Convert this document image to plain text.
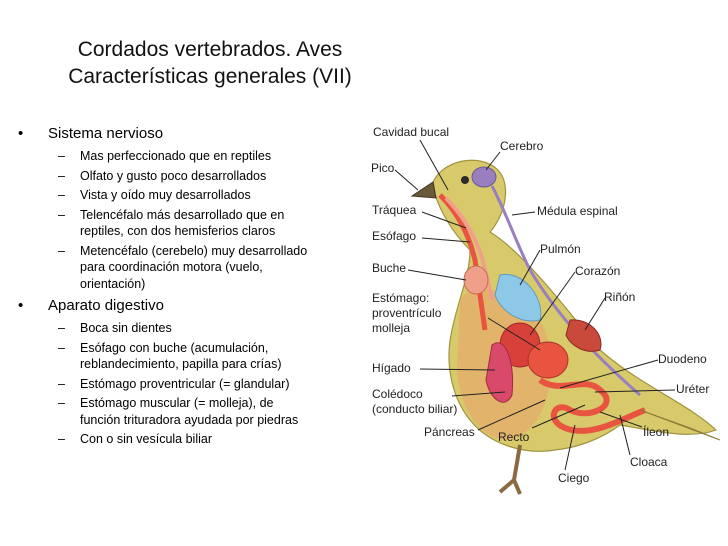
Cordados vertebrados. Aves
Características generales (VII)
• Sistema nervioso
– Mas perfeccionado que en reptiles
– Olfato y gusto poco desarrollados
– Vista y oído muy desarrollados
– Telencéfalo más desarrollado que en
reptiles, con dos hemisferios claros
– Metencéfalo (cerebelo) muy desarrollado
para coordinación motora (vuelo,
orientación)
• Aparato digestivo
– Boca sin dientes
– Esófago con buche (acumulación,
reblandecimiento, papilla para crías)
– Estómago proventricular (= glandular)
– Estómago muscular (= molleja), de
función trituradora ayudada por piedras
– Con o sin vesícula biliar
Cavidad bucal
Cerebro
Pico
Tráquea	Médula espinal
Esófago
Pulmón
Buche	Corazón
Estómago:
proventrículo
molleja
Riñón
Hígado
Duodeno
Colédoco
(conducto biliar)
Uréter
Páncreas Recto	Íleon
Cloaca
Ciego
